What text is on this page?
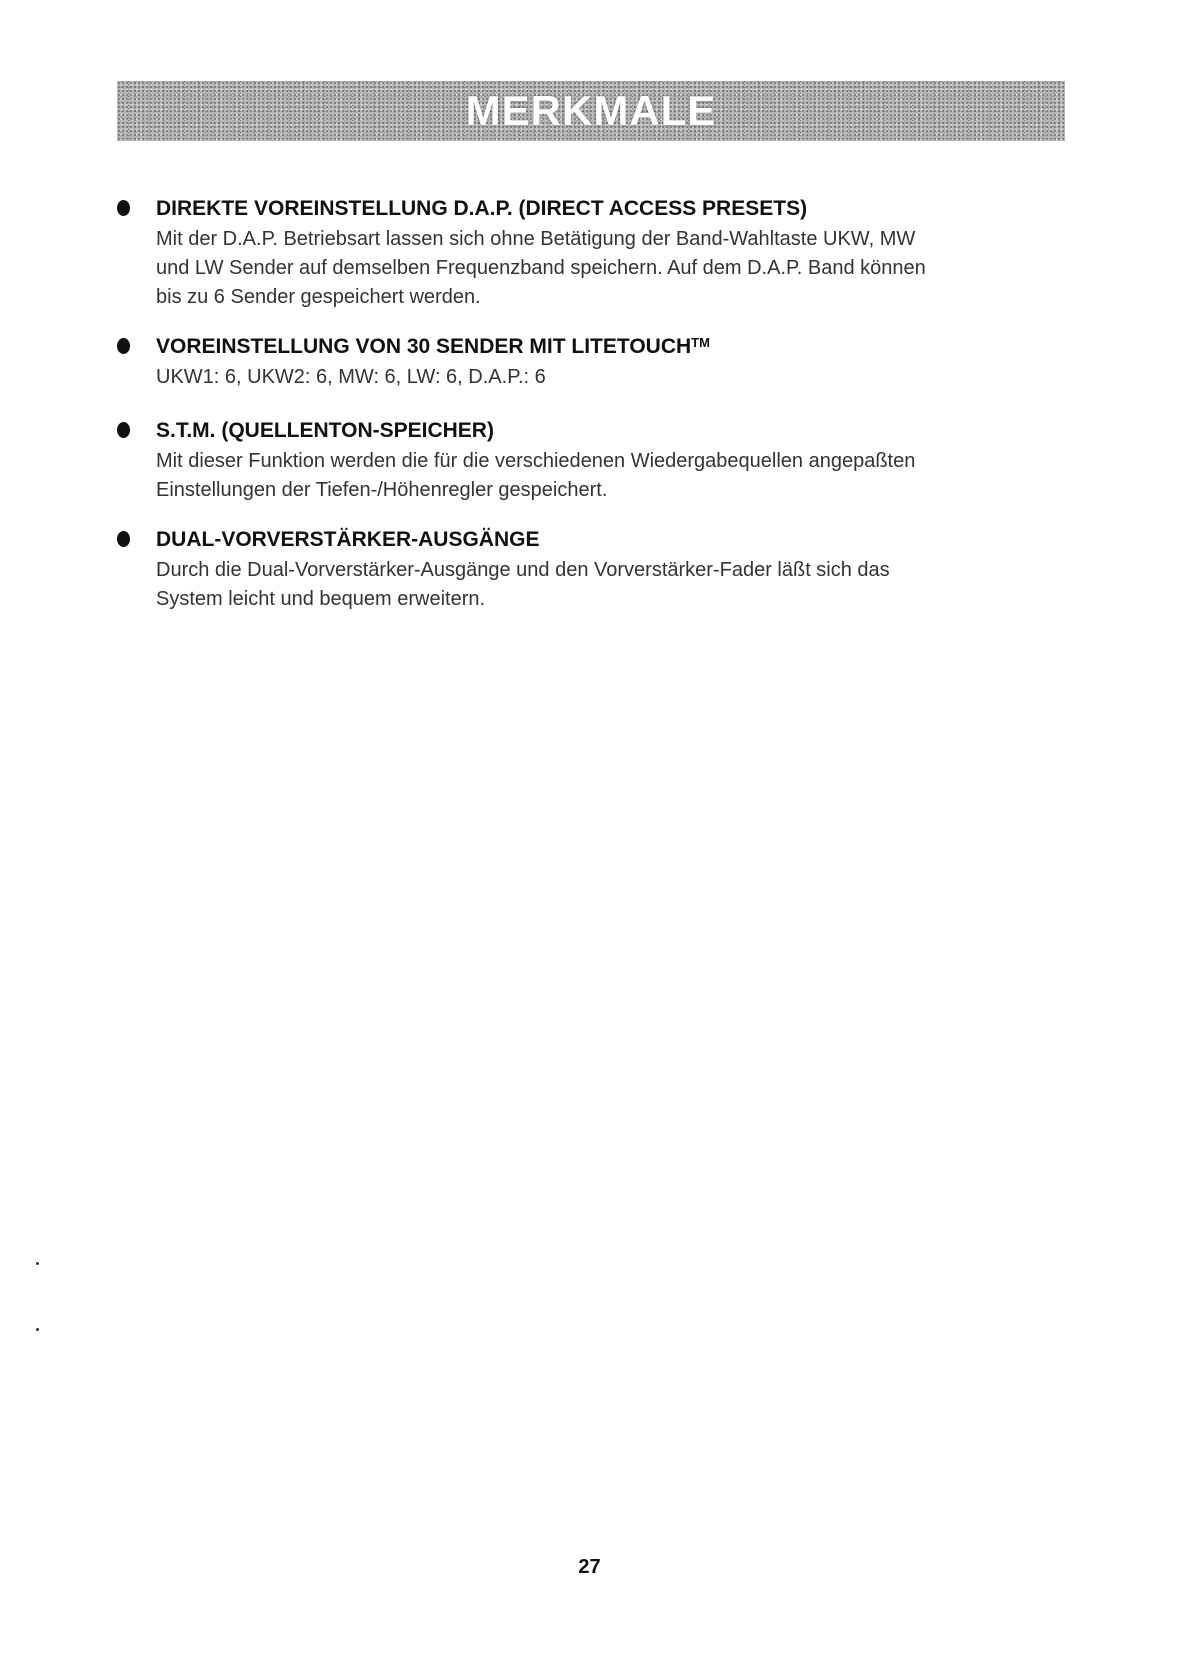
MERKMALE
DIREKTE VOREINSTELLUNG D.A.P. (DIRECT ACCESS PRESETS)
Mit der D.A.P. Betriebsart lassen sich ohne Betätigung der Band-Wahltaste UKW, MW
und LW Sender auf demselben Frequenzband speichern. Auf dem D.A.P. Band können
bis zu 6 Sender gespeichert werden.
VOREINSTELLUNG VON 30 SENDER MIT LITETOUCH™
UKW1: 6, UKW2: 6, MW: 6, LW: 6, D.A.P.: 6
S.T.M. (QUELLENTON-SPEICHER)
Mit dieser Funktion werden die für die verschiedenen Wiedergabequellen angepaßten
Einstellungen der Tiefen-/Höhenregler gespeichert.
DUAL-VORVERSTÄRKER-AUSGÄNGE
Durch die Dual-Vorverstärker-Ausgänge und den Vorverstärker-Fader läßt sich das
System leicht und bequem erweitern.
27
